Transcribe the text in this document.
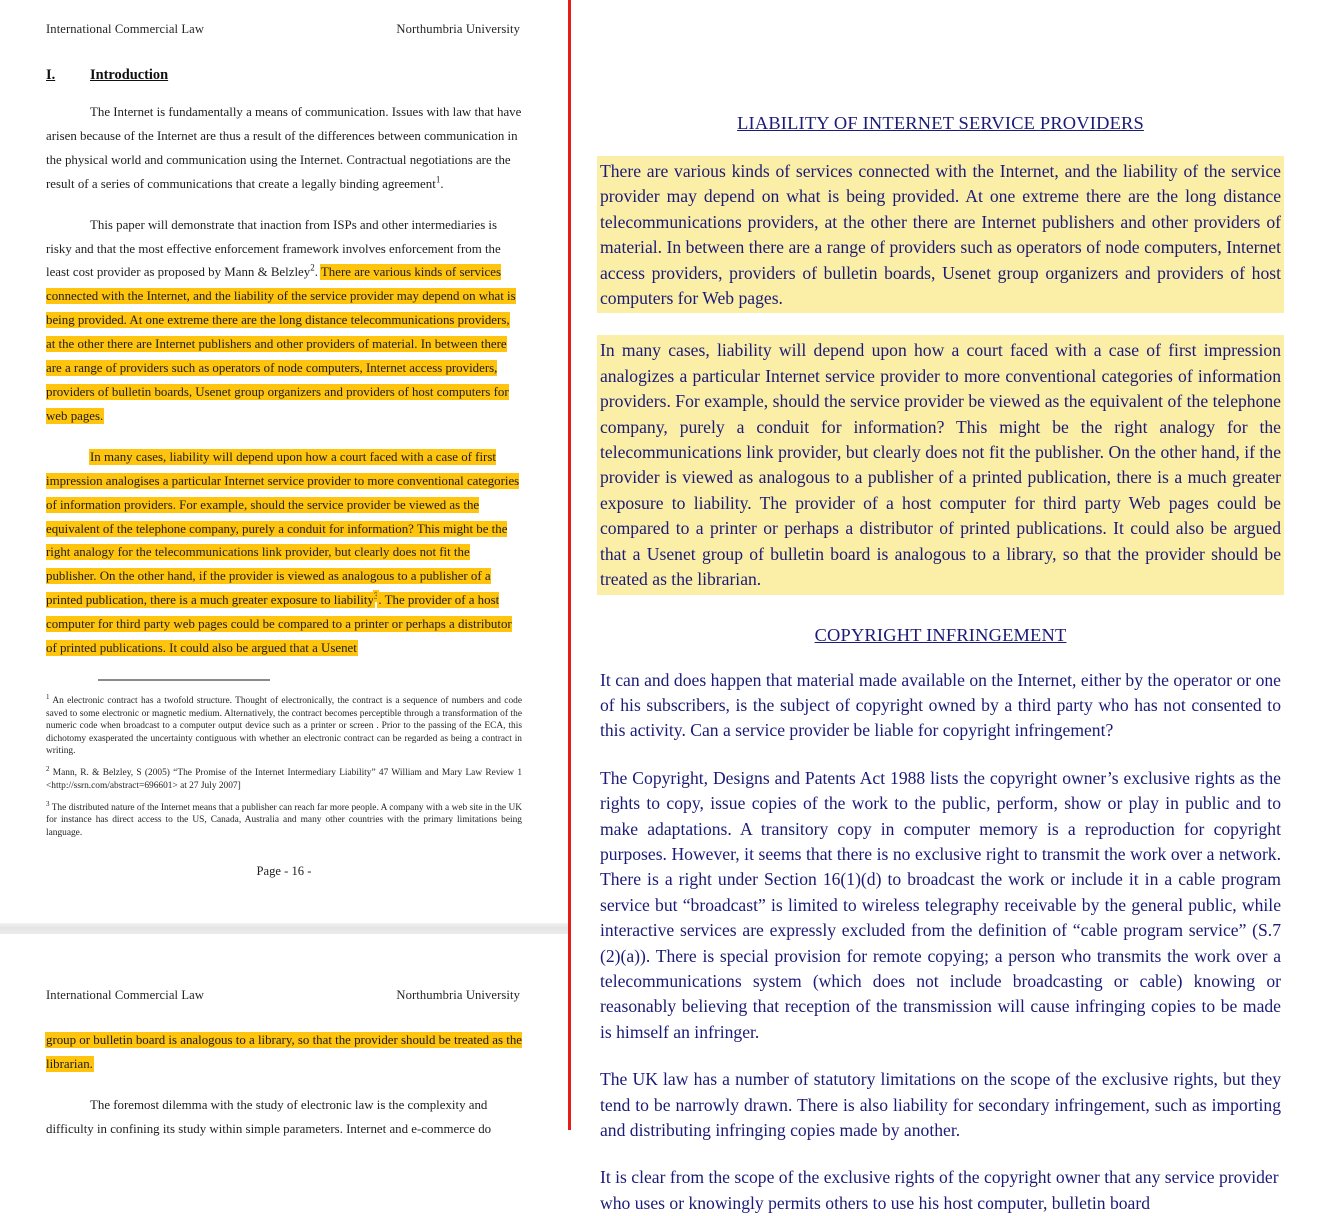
International Commercial Law	Northumbria University
I. Introduction

The Internet is fundamentally a means of communication. Issues with law that have arisen because of the Internet are thus a result of the differences between communication in the physical world and communication using the Internet. Contractual negotiations are the result of a series of communications that create a legally binding agreement$^1$.

This paper will demonstrate that inaction from ISPs and other intermediaries is risky and that the most effective enforcement framework involves enforcement from the least cost provider as proposed by Mann & Belzley$^2$. There are various kinds of services connected with the Internet, and the liability of the service provider may depend on what is being provided. At one extreme there are the long distance telecommunications providers, at the other there are Internet publishers and other providers of material. In between there are a range of providers such as operators of node computers, Internet access providers, providers of bulletin boards, Usenet group organizers and providers of host computers for web pages.

In many cases, liability will depend upon how a court faced with a case of first impression analogises a particular Internet service provider to more conventional categories of information providers. For example, should the service provider be viewed as the equivalent of the telephone company, purely a conduit for information? This might be the right analogy for the telecommunications link provider, but clearly does not fit the publisher. On the other hand, if the provider is viewed as analogous to a publisher of a printed publication, there is a much greater exposure to liability$^3$. The provider of a host computer for third party web pages could be compared to a printer or perhaps a distributor of printed publications. It could also be argued that a Usenet

$^1$ An electronic contract has a twofold structure. Thought of electronically, the contract is a sequence of numbers and code saved to some electronic or magnetic medium. Alternatively, the contract becomes perceptible through a transformation of the numeric code when broadcast to a computer output device such as a printer or screen . Prior to the passing of the ECA, this dichotomy exasperated the uncertainty contiguous with whether an electronic contract can be regarded as being a contract in writing.

$^2$ Mann, R. & Belzley, S (2005) “The Promise of the Internet Intermediary Liability” 47 William and Mary Law Review 1 <http://ssrn.com/abstract=696601> at 27 July 2007]

$^3$ The distributed nature of the Internet means that a publisher can reach far more people. A company with a web site in the UK for instance has direct access to the US, Canada, Australia and many other countries with the primary limitations being language.

Page - 16 -
International Commercial Law	Northumbria University

group or bulletin board is analogous to a library, so that the provider should be treated as the librarian.

The foremost dilemma with the study of electronic law is the complexity and difficulty in confining its study within simple parameters. Internet and e-commerce do

LIABILITY OF INTERNET SERVICE PROVIDERS

There are various kinds of services connected with the Internet, and the liability of the service provider may depend on what is being provided. At one extreme there are the long distance telecommunications providers, at the other there are Internet publishers and other providers of material. In between there are a range of providers such as operators of node computers, Internet access providers, providers of bulletin boards, Usenet group organizers and providers of host computers for Web pages.

In many cases, liability will depend upon how a court faced with a case of first impression analogizes a particular Internet service provider to more conventional categories of information providers. For example, should the service provider be viewed as the equivalent of the telephone company, purely a conduit for information? This might be the right analogy for the telecommunications link provider, but clearly does not fit the publisher. On the other hand, if the provider is viewed as analogous to a publisher of a printed publication, there is a much greater exposure to liability. The provider of a host computer for third party Web pages could be compared to a printer or perhaps a distributor of printed publications. It could also be argued that a Usenet group of bulletin board is analogous to a library, so that the provider should be treated as the librarian.

COPYRIGHT INFRINGEMENT

It can and does happen that material made available on the Internet, either by the operator or one of his subscribers, is the subject of copyright owned by a third party who has not consented to this activity. Can a service provider be liable for copyright infringement?

The Copyright, Designs and Patents Act 1988 lists the copyright owner’s exclusive rights as the rights to copy, issue copies of the work to the public, perform, show or play in public and to make adaptations. A transitory copy in computer memory is a reproduction for copyright purposes. However, it seems that there is no exclusive right to transmit the work over a network. There is a right under Section 16(1)(d) to broadcast the work or include it in a cable program service but “broadcast” is limited to wireless telegraphy receivable by the general public, while interactive services are expressly excluded from the definition of “cable program service” (S.7 (2)(a)). There is special provision for remote copying; a person who transmits the work over a telecommunications system (which does not include broadcasting or cable) knowing or reasonably believing that reception of the transmission will cause infringing copies to be made is himself an infringer.

The UK law has a number of statutory limitations on the scope of the exclusive rights, but they tend to be narrowly drawn. There is also liability for secondary infringement, such as importing and distributing infringing copies made by another.

It is clear from the scope of the exclusive rights of the copyright owner that any service provider who uses or knowingly permits others to use his host computer, bulletin board
